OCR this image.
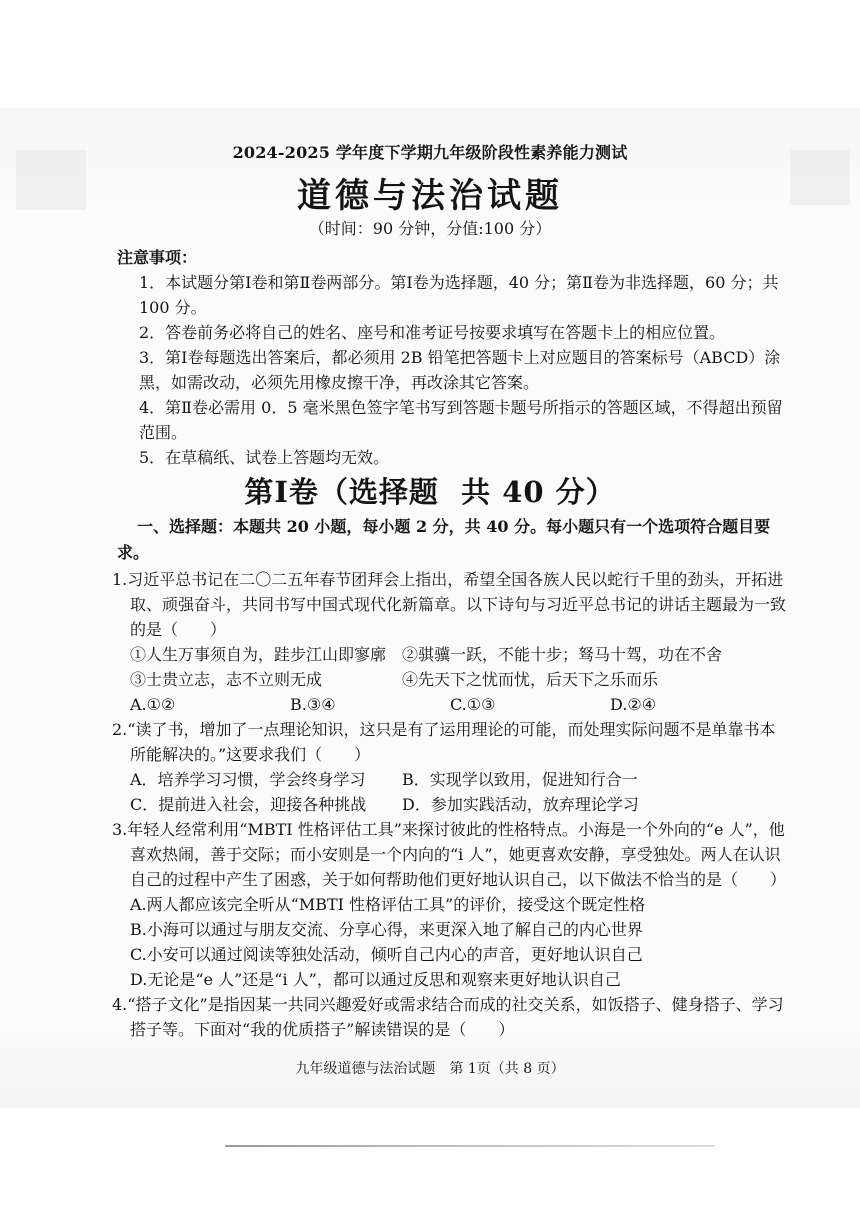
2024-2025 学年度下学期九年级阶段性素养能力测试
道德与法治试题
（时间：90 分钟，分值:100 分）
注意事项：
1．本试题分第Ⅰ卷和第Ⅱ卷两部分。第Ⅰ卷为选择题，40 分；第Ⅱ卷为非选择题，60 分；共 100 分。
2．答卷前务必将自己的姓名、座号和准考证号按要求填写在答题卡上的相应位置。
3．第Ⅰ卷每题选出答案后，都必须用 2B 铅笔把答题卡上对应题目的答案标号（ABCD）涂黑，如需改动，必须先用橡皮擦干净，再改涂其它答案。
4．第Ⅱ卷必需用 0．5 毫米黑色签字笔书写到答题卡题号所指示的答题区域，不得超出预留范围。
5．在草稿纸、试卷上答题均无效。
第Ⅰ卷（选择题  共 40 分）
一、选择题：本题共 20 小题，每小题 2 分，共 40 分。每小题只有一个选项符合题目要求。
1.习近平总书记在二〇二五年春节团拜会上指出，希望全国各族人民以蛇行千里的劲头，开拓进取、顽强奋斗，共同书写中国式现代化新篇章。以下诗句与习近平总书记的讲话主题最为一致的是（　　）
①人生万事须自为，跬步江山即寥廓 ②骐骥一跃，不能十步；驽马十驾，功在不舍
③士贵立志，志不立则无成	④先天下之忧而忧，后天下之乐而乐
A.①②	B.③④	C.①③	D.②④
2.“读了书，增加了一点理论知识，这只是有了运用理论的可能，而处理实际问题不是单靠书本所能解决的。”这要求我们（　　）
A．培养学习习惯，学会终身学习	B．实现学以致用，促进知行合一
C．提前进入社会，迎接各种挑战	D．参加实践活动，放弃理论学习
3.年轻人经常利用“MBTI 性格评估工具”来探讨彼此的性格特点。小海是一个外向的“e 人”，他喜欢热闹，善于交际；而小安则是一个内向的“i 人”，她更喜欢安静，享受独处。两人在认识自己的过程中产生了困惑，关于如何帮助他们更好地认识自己，以下做法不恰当的是（　　）
A.两人都应该完全听从“MBTI 性格评估工具”的评价，接受这个既定性格
B.小海可以通过与朋友交流、分享心得，来更深入地了解自己的内心世界
C.小安可以通过阅读等独处活动，倾听自己内心的声音，更好地认识自己
D.无论是“e 人”还是“i 人”，都可以通过反思和观察来更好地认识自己
4.“搭子文化”是指因某一共同兴趣爱好或需求结合而成的社交关系，如饭搭子、健身搭子、学习搭子等。下面对“我的优质搭子”解读错误的是（　　）
九年级道德与法治试题　第 1页（共 8 页）
